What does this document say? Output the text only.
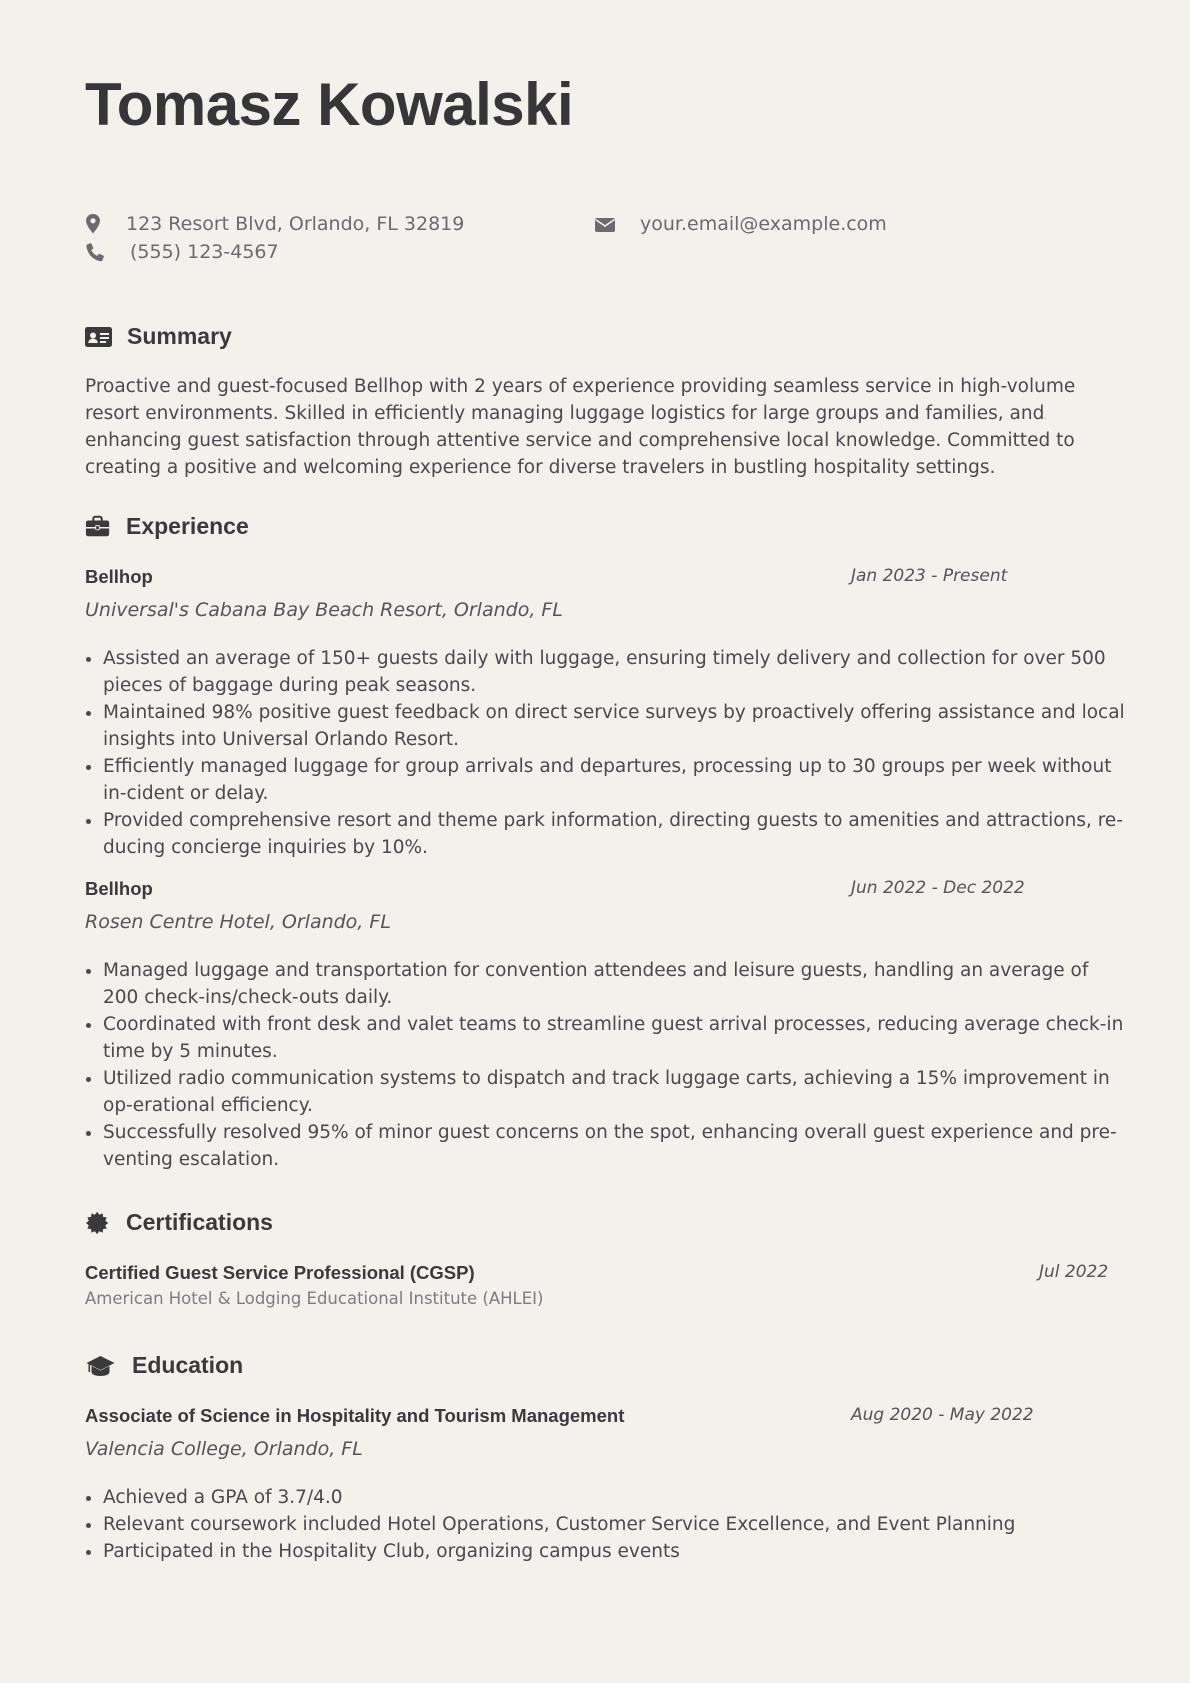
Tomasz Kowalski
123 Resort Blvd, Orlando, FL 32819
(555) 123-4567
your.email@example.com
Summary

Proactive and guest-focused Bellhop with 2 years of experience providing seamless service in high-volume resort environments. Skilled in efficiently managing luggage logistics for large groups and families, and enhancing guest satisfaction through attentive service and comprehensive local knowledge. Committed to creating a positive and welcoming experience for diverse travelers in bustling hospitality settings.

Experience
Bellhop	Jan 2023 - Present
Universal's Cabana Bay Beach Resort, Orlando, FL
• Assisted an average of 150+ guests daily with luggage, ensuring timely delivery and collection for over 500 pieces of baggage during peak seasons.
• Maintained 98% positive guest feedback on direct service surveys by proactively offering assistance and local insights into Universal Orlando Resort.
• Efficiently managed luggage for group arrivals and departures, processing up to 30 groups per week without in-cident or delay.
• Provided comprehensive resort and theme park information, directing guests to amenities and attractions, re-ducing concierge inquiries by 10%.
Bellhop	Jun 2022 - Dec 2022
Rosen Centre Hotel, Orlando, FL
• Managed luggage and transportation for convention attendees and leisure guests, handling an average of 200 check-ins/check-outs daily.
• Coordinated with front desk and valet teams to streamline guest arrival processes, reducing average check-in time by 5 minutes.
• Utilized radio communication systems to dispatch and track luggage carts, achieving a 15% improvement in op-erational efficiency.
• Successfully resolved 95% of minor guest concerns on the spot, enhancing overall guest experience and pre-venting escalation.
Certifications
Certified Guest Service Professional (CGSP)	Jul 2022
American Hotel & Lodging Educational Institute (AHLEI)
Education
Associate of Science in Hospitality and Tourism Management	Aug 2020 - May 2022
Valencia College, Orlando, FL
• Achieved a GPA of 3.7/4.0
• Relevant coursework included Hotel Operations, Customer Service Excellence, and Event Planning
• Participated in the Hospitality Club, organizing campus events
